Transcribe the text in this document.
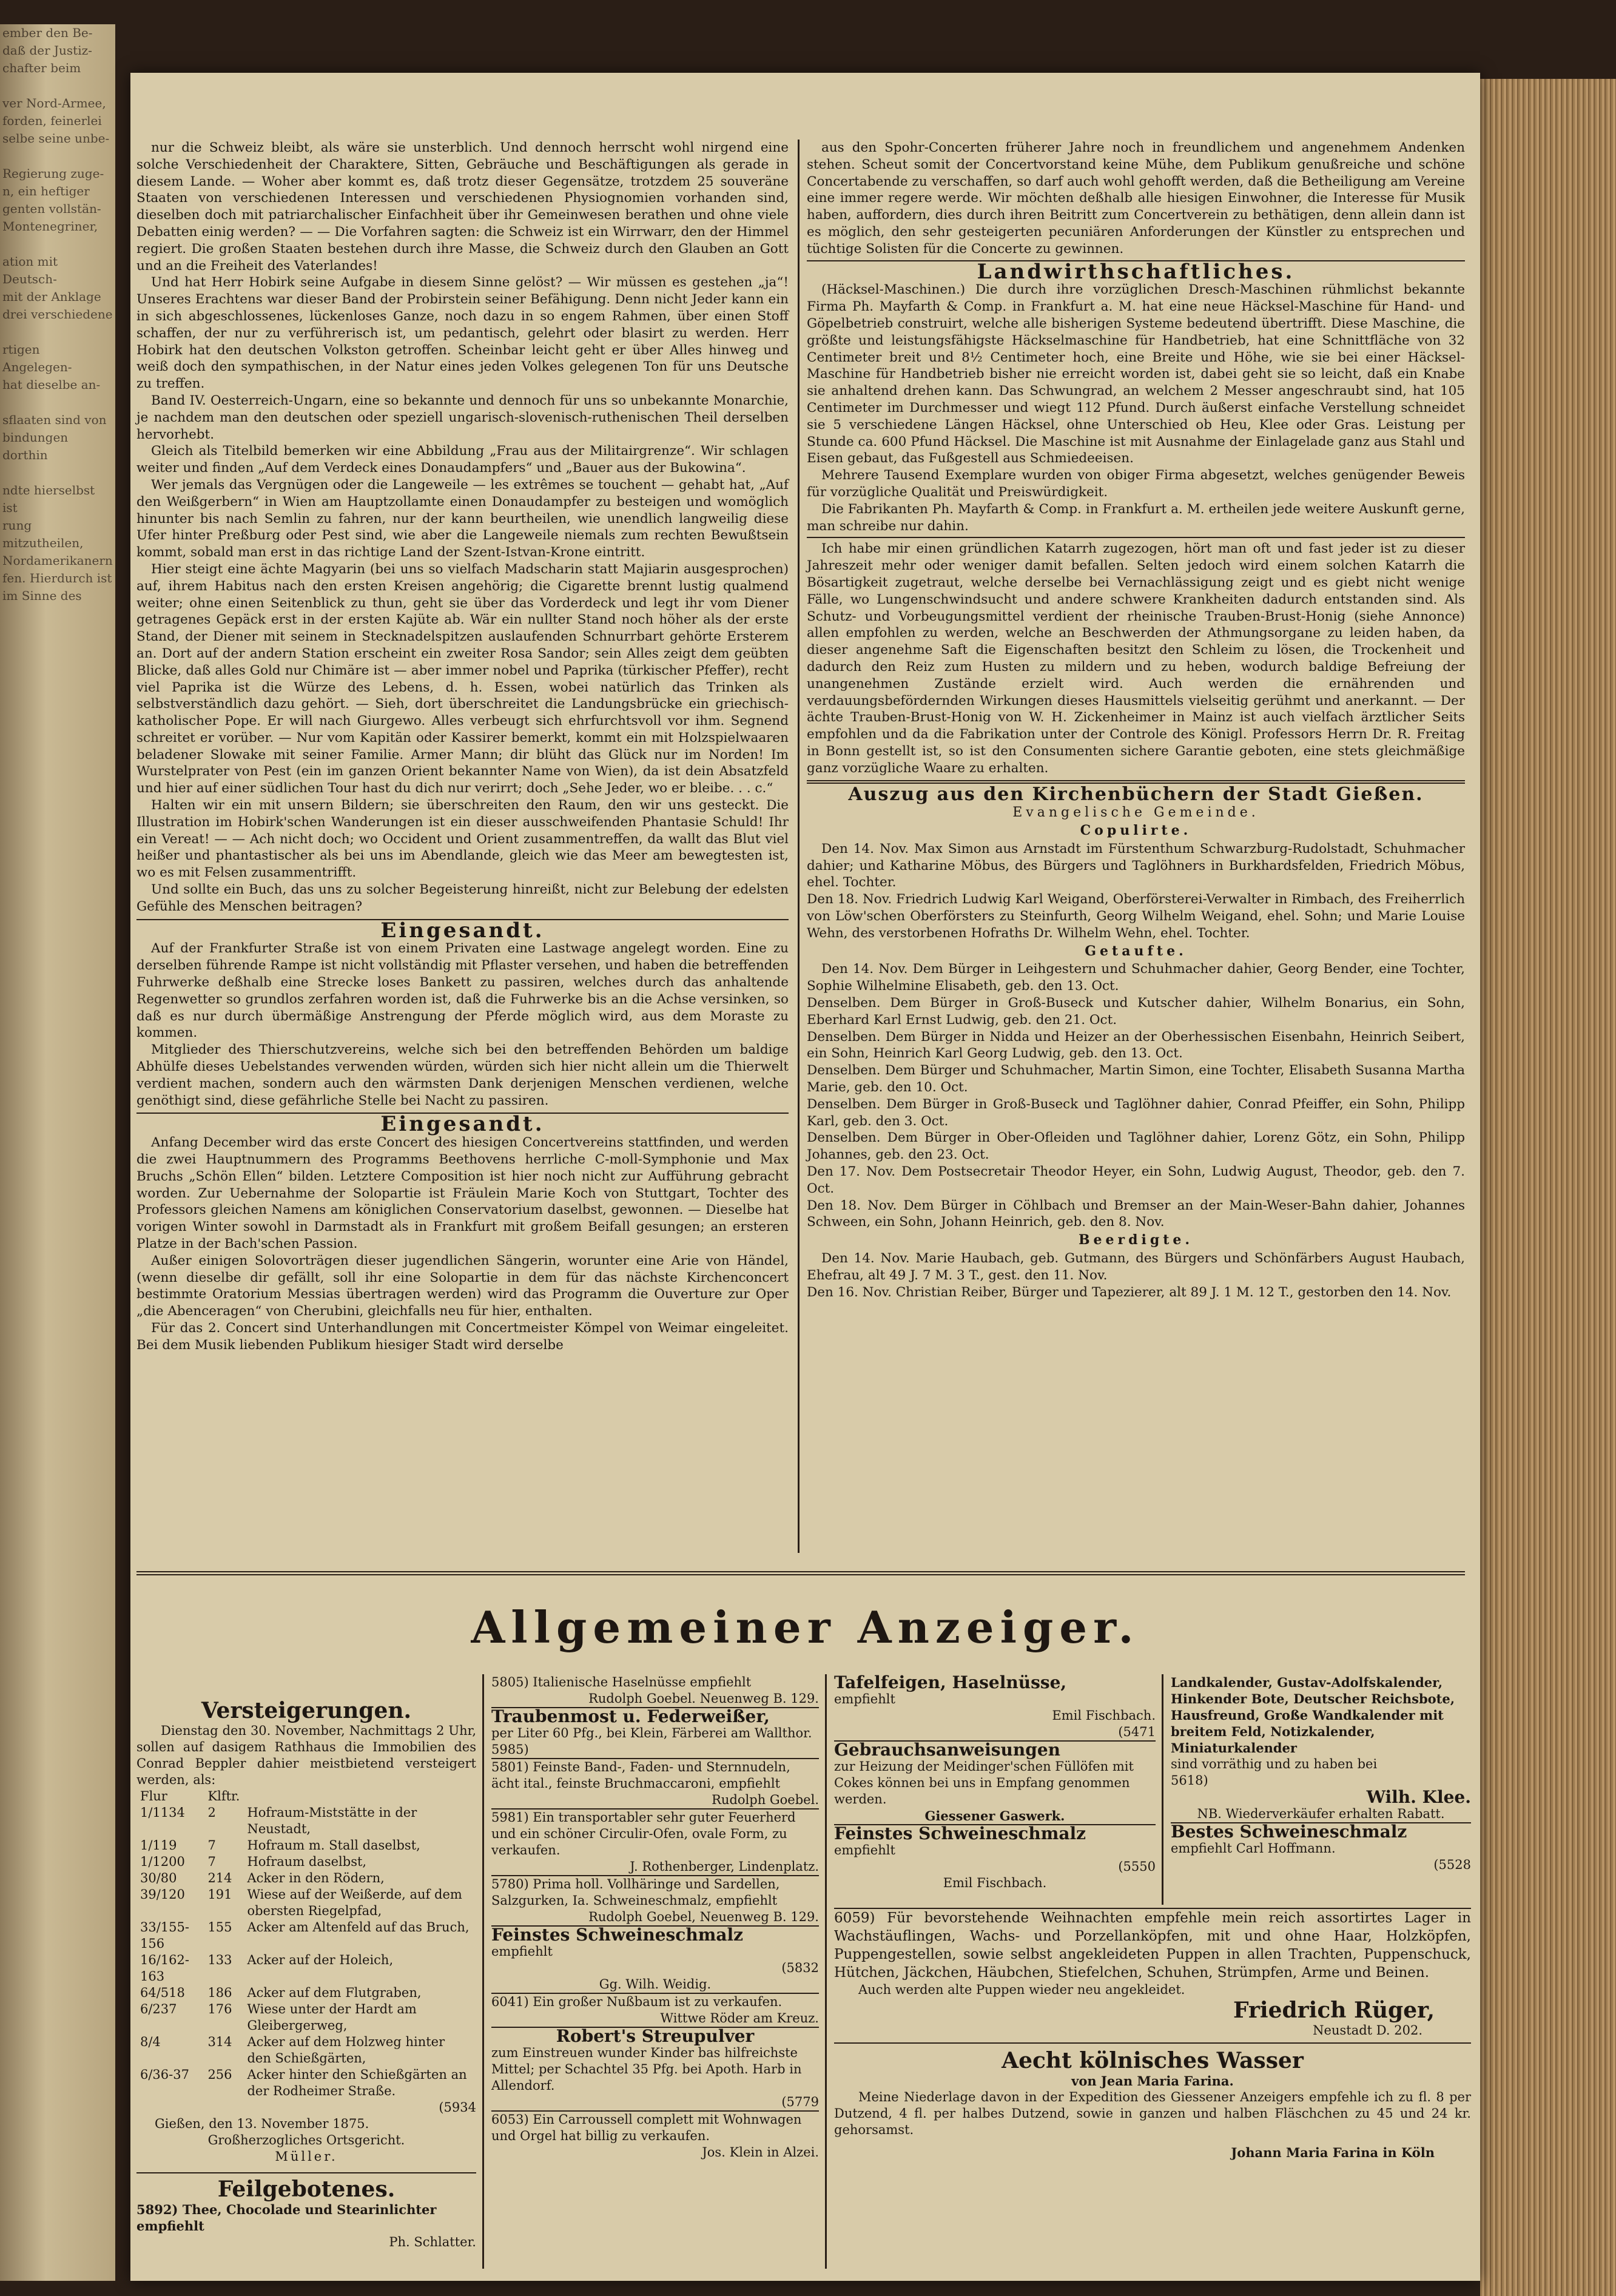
ember den Be-

daß der Justiz-

chafter beim

ver Nord-Armee,

forden, feinerlei

selbe seine unbe-

Regierung zuge-

n, ein heftiger

genten vollstän-

Montenegriner,

ation mit Deutsch-

mit der Anklage

drei verschiedene

rtigen Angelegen-

hat dieselbe an-

sflaaten sind von

bindungen dorthin

ndte hierselbst ist

rung mitzutheilen,

Nordamerikanern

fen. Hierdurch ist

im Sinne des

nur die Schweiz bleibt, als wäre sie unsterblich. Und dennoch herrscht wohl nirgend eine solche Verschiedenheit der Charaktere, Sitten, Gebräuche und Beschäftigungen als gerade in diesem Lande. — Woher aber kommt es, daß trotz dieser Gegensätze, trotzdem 25 souveräne Staaten von verschiedenen Interessen und verschiedenen Physiognomien vorhanden sind, dieselben doch mit patriarchalischer Einfachheit über ihr Gemeinwesen berathen und ohne viele Debatten einig werden? — — Die Vorfahren sagten: die Schweiz ist ein Wirrwarr, den der Himmel regiert. Die großen Staaten bestehen durch ihre Masse, die Schweiz durch den Glauben an Gott und an die Freiheit des Vaterlandes!

Und hat Herr Hobirk seine Aufgabe in diesem Sinne gelöst? — Wir müssen es gestehen „ja“! Unseres Erachtens war dieser Band der Probirstein seiner Befähigung. Denn nicht Jeder kann ein in sich abgeschlossenes, lückenloses Ganze, noch dazu in so engem Rahmen, über einen Stoff schaffen, der nur zu verführerisch ist, um pedantisch, gelehrt oder blasirt zu werden. Herr Hobirk hat den deutschen Volkston getroffen. Scheinbar leicht geht er über Alles hinweg und weiß doch den sympathischen, in der Natur eines jeden Volkes gelegenen Ton für uns Deutsche zu treffen.

Band IV. Oesterreich-Ungarn, eine so bekannte und dennoch für uns so unbekannte Monarchie, je nachdem man den deutschen oder speziell ungarisch-slovenisch-ruthenischen Theil derselben hervorhebt.

Gleich als Titelbild bemerken wir eine Abbildung „Frau aus der Militairgrenze“. Wir schlagen weiter und finden „Auf dem Verdeck eines Donaudampfers“ und „Bauer aus der Bukowina“.

Wer jemals das Vergnügen oder die Langeweile — les extrêmes se touchent — gehabt hat, „Auf den Weißgerbern“ in Wien am Hauptzollamte einen Donaudampfer zu besteigen und womöglich hinunter bis nach Semlin zu fahren, nur der kann beurtheilen, wie unendlich langweilig diese Ufer hinter Preßburg oder Pest sind, wie aber die Langeweile niemals zum rechten Bewußtsein kommt, sobald man erst in das richtige Land der Szent-Istvan-Krone eintritt.

Hier steigt eine ächte Magyarin (bei uns so vielfach Madscharin statt Majiarin ausgesprochen) auf, ihrem Habitus nach den ersten Kreisen angehörig; die Cigarette brennt lustig qualmend weiter; ohne einen Seitenblick zu thun, geht sie über das Vorderdeck und legt ihr vom Diener getragenes Gepäck erst in der ersten Kajüte ab. Wär ein nullter Stand noch höher als der erste Stand, der Diener mit seinem in Stecknadelspitzen auslaufenden Schnurrbart gehörte Ersterem an. Dort auf der andern Station erscheint ein zweiter Rosa Sandor; sein Alles zeigt dem geübten Blicke, daß alles Gold nur Chimäre ist — aber immer nobel und Paprika (türkischer Pfeffer), recht viel Paprika ist die Würze des Lebens, d. h. Essen, wobei natürlich das Trinken als selbstverständlich dazu gehört. — Sieh, dort überschreitet die Landungsbrücke ein griechisch-katholischer Pope. Er will nach Giurgewo. Alles verbeugt sich ehrfurchtsvoll vor ihm. Segnend schreitet er vorüber. — Nur vom Kapitän oder Kassirer bemerkt, kommt ein mit Holzspielwaaren beladener Slowake mit seiner Familie. Armer Mann; dir blüht das Glück nur im Norden! Im Wurstelprater von Pest (ein im ganzen Orient bekannter Name von Wien), da ist dein Absatzfeld und hier auf einer südlichen Tour hast du dich nur verirrt; doch „Sehe Jeder, wo er bleibe. . . c.“

Halten wir ein mit unsern Bildern; sie überschreiten den Raum, den wir uns gesteckt. Die Illustration im Hobirk'schen Wanderungen ist ein dieser ausschweifenden Phantasie Schuld! Ihr ein Vereat! — — Ach nicht doch; wo Occident und Orient zusammentreffen, da wallt das Blut viel heißer und phantastischer als bei uns im Abendlande, gleich wie das Meer am bewegtesten ist, wo es mit Felsen zusammentrifft.

Und sollte ein Buch, das uns zu solcher Begeisterung hinreißt, nicht zur Belebung der edelsten Gefühle des Menschen beitragen?

Eingesandt.

Auf der Frankfurter Straße ist von einem Privaten eine Lastwage angelegt worden. Eine zu derselben führende Rampe ist nicht vollständig mit Pflaster versehen, und haben die betreffenden Fuhrwerke deßhalb eine Strecke loses Bankett zu passiren, welches durch das anhaltende Regenwetter so grundlos zerfahren worden ist, daß die Fuhrwerke bis an die Achse versinken, so daß es nur durch übermäßige Anstrengung der Pferde möglich wird, aus dem Moraste zu kommen.

Mitglieder des Thierschutzvereins, welche sich bei den betreffenden Behörden um baldige Abhülfe dieses Uebelstandes verwenden würden, würden sich hier nicht allein um die Thierwelt verdient machen, sondern auch den wärmsten Dank derjenigen Menschen verdienen, welche genöthigt sind, diese gefährliche Stelle bei Nacht zu passiren.

Eingesandt.

Anfang December wird das erste Concert des hiesigen Concertvereins stattfinden, und werden die zwei Hauptnummern des Programms Beethovens herrliche C-moll-Symphonie und Max Bruchs „Schön Ellen“ bilden. Letztere Composition ist hier noch nicht zur Aufführung gebracht worden. Zur Uebernahme der Solopartie ist Fräulein Marie Koch von Stuttgart, Tochter des Professors gleichen Namens am königlichen Conservatorium daselbst, gewonnen. — Dieselbe hat vorigen Winter sowohl in Darmstadt als in Frankfurt mit großem Beifall gesungen; an ersteren Platze in der Bach'schen Passion.

Außer einigen Solovorträgen dieser jugendlichen Sängerin, worunter eine Arie von Händel, (wenn dieselbe dir gefällt, soll ihr eine Solopartie in dem für das nächste Kirchenconcert bestimmte Oratorium Messias übertragen werden) wird das Programm die Ouverture zur Oper „die Abenceragen“ von Cherubini, gleichfalls neu für hier, enthalten.

Für das 2. Concert sind Unterhandlungen mit Concertmeister Kömpel von Weimar eingeleitet. Bei dem Musik liebenden Publikum hiesiger Stadt wird derselbe

aus den Spohr-Concerten früherer Jahre noch in freundlichem und angenehmem Andenken stehen. Scheut somit der Concertvorstand keine Mühe, dem Publikum genußreiche und schöne Concertabende zu verschaffen, so darf auch wohl gehofft werden, daß die Betheiligung am Vereine eine immer regere werde. Wir möchten deßhalb alle hiesigen Einwohner, die Interesse für Musik haben, auffordern, dies durch ihren Beitritt zum Concertverein zu bethätigen, denn allein dann ist es möglich, den sehr gesteigerten pecuniären Anforderungen der Künstler zu entsprechen und tüchtige Solisten für die Concerte zu gewinnen.

Landwirthschaftliches.

(Häcksel-Maschinen.) Die durch ihre vorzüglichen Dresch-Maschinen rühmlichst bekannte Firma Ph. Mayfarth & Comp. in Frankfurt a. M. hat eine neue Häcksel-Maschine für Hand- und Göpelbetrieb construirt, welche alle bisherigen Systeme bedeutend übertrifft. Diese Maschine, die größte und leistungsfähigste Häckselmaschine für Handbetrieb, hat eine Schnittfläche von 32 Centimeter breit und 8½ Centimeter hoch, eine Breite und Höhe, wie sie bei einer Häcksel-Maschine für Handbetrieb bisher nie erreicht worden ist, dabei geht sie so leicht, daß ein Knabe sie anhaltend drehen kann. Das Schwungrad, an welchem 2 Messer angeschraubt sind, hat 105 Centimeter im Durchmesser und wiegt 112 Pfund. Durch äußerst einfache Verstellung schneidet sie 5 verschiedene Längen Häcksel, ohne Unterschied ob Heu, Klee oder Gras. Leistung per Stunde ca. 600 Pfund Häcksel. Die Maschine ist mit Ausnahme der Einlagelade ganz aus Stahl und Eisen gebaut, das Fußgestell aus Schmiedeeisen.

Mehrere Tausend Exemplare wurden von obiger Firma abgesetzt, welches genügender Beweis für vorzügliche Qualität und Preiswürdigkeit.

Die Fabrikanten Ph. Mayfarth & Comp. in Frankfurt a. M. ertheilen jede weitere Auskunft gerne, man schreibe nur dahin.

Ich habe mir einen gründlichen Katarrh zugezogen, hört man oft und fast jeder ist zu dieser Jahreszeit mehr oder weniger damit befallen. Selten jedoch wird einem solchen Katarrh die Bösartigkeit zugetraut, welche derselbe bei Vernachlässigung zeigt und es giebt nicht wenige Fälle, wo Lungenschwindsucht und andere schwere Krankheiten dadurch entstanden sind. Als Schutz- und Vorbeugungsmittel verdient der rheinische Trauben-Brust-Honig (siehe Annonce) allen empfohlen zu werden, welche an Beschwerden der Athmungsorgane zu leiden haben, da dieser angenehme Saft die Eigenschaften besitzt den Schleim zu lösen, die Trockenheit und dadurch den Reiz zum Husten zu mildern und zu heben, wodurch baldige Befreiung der unangenehmen Zustände erzielt wird. Auch werden die ernährenden und verdauungsbefördernden Wirkungen dieses Hausmittels vielseitig gerühmt und anerkannt. — Der ächte Trauben-Brust-Honig von W. H. Zickenheimer in Mainz ist auch vielfach ärztlicher Seits empfohlen und da die Fabrikation unter der Controle des Königl. Professors Herrn Dr. R. Freitag in Bonn gestellt ist, so ist den Consumenten sichere Garantie geboten, eine stets gleichmäßige ganz vorzügliche Waare zu erhalten.

Auszug aus den Kirchenbüchern der Stadt Gießen.
Evangelische Gemeinde.
Copulirte.

Den 14. Nov. Max Simon aus Arnstadt im Fürstenthum Schwarzburg-Rudolstadt, Schuhmacher dahier; und Katharine Möbus, des Bürgers und Taglöhners in Burkhardsfelden, Friedrich Möbus, ehel. Tochter.
Den 18. Nov. Friedrich Ludwig Karl Weigand, Oberförsterei-Verwalter in Rimbach, des Freiherrlich von Löw'schen Oberförsters zu Steinfurth, Georg Wilhelm Weigand, ehel. Sohn; und Marie Louise Wehn, des verstorbenen Hofraths Dr. Wilhelm Wehn, ehel. Tochter.

Getaufte.

Den 14. Nov. Dem Bürger in Leihgestern und Schuhmacher dahier, Georg Bender, eine Tochter, Sophie Wilhelmine Elisabeth, geb. den 13. Oct.
Denselben. Dem Bürger in Groß-Buseck und Kutscher dahier, Wilhelm Bonarius, ein Sohn, Eberhard Karl Ernst Ludwig, geb. den 21. Oct.
Denselben. Dem Bürger in Nidda und Heizer an der Oberhessischen Eisenbahn, Heinrich Seibert, ein Sohn, Heinrich Karl Georg Ludwig, geb. den 13. Oct.
Denselben. Dem Bürger und Schuhmacher, Martin Simon, eine Tochter, Elisabeth Susanna Martha Marie, geb. den 10. Oct.
Denselben. Dem Bürger in Groß-Buseck und Taglöhner dahier, Conrad Pfeiffer, ein Sohn, Philipp Karl, geb. den 3. Oct.
Denselben. Dem Bürger in Ober-Ofleiden und Taglöhner dahier, Lorenz Götz, ein Sohn, Philipp Johannes, geb. den 23. Oct.
Den 17. Nov. Dem Postsecretair Theodor Heyer, ein Sohn, Ludwig August, Theodor, geb. den 7. Oct.
Den 18. Nov. Dem Bürger in Cöhlbach und Bremser an der Main-Weser-Bahn dahier, Johannes Schween, ein Sohn, Johann Heinrich, geb. den 8. Nov.

Beerdigte.

Den 14. Nov. Marie Haubach, geb. Gutmann, des Bürgers und Schönfärbers August Haubach, Ehefrau, alt 49 J. 7 M. 3 T., gest. den 11. Nov.
Den 16. Nov. Christian Reiber, Bürger und Tapezierer, alt 89 J. 1 M. 12 T., gestorben den 14. Nov.

Allgemeiner Anzeiger.
Versteigerungen.
Dienstag den 30. November, Nachmittags 2 Uhr, sollen auf dasigem Rathhaus die Immobilien des Conrad Beppler dahier meistbietend versteigert werden, als:
Flur	Klftr.	
1/1134	2	Hofraum-Miststätte in der Neustadt,
1/119	7	Hofraum m. Stall daselbst,
1/1200	7	Hofraum daselbst,
30/80	214	Acker in den Rödern,
39/120	191	Wiese auf der Weißerde, auf dem obersten Riegelpfad,
33/155-156	155	Acker am Altenfeld auf das Bruch,
16/162-163	133	Acker auf der Holeich,
64/518	186	Acker auf dem Flutgraben,
6/237	176	Wiese unter der Hardt am Gleibergerweg,
8/4	314	Acker auf dem Holzweg hinter den Schießgärten,
6/36-37	256	Acker hinter den Schießgärten an der Rodheimer Straße.
(5934
Gießen, den 13. November 1875.
Großherzogliches Ortsgericht.
Müller.
Feilgebotenes.
5892) Thee, Chocolade und Stearinlichter empfiehlt
Ph. Schlatter.
5805) Italienische Haselnüsse empfiehlt
Rudolph Goebel. Neuenweg B. 129.
Traubenmost u. Federweißer,
per Liter 60 Pfg., bei Klein, Färberei am Wallthor.
5985)
5801) Feinste Band-, Faden- und Sternnudeln, ächt ital., feinste Bruchmaccaroni, empfiehlt
Rudolph Goebel.
5981) Ein transportabler sehr guter Feuerherd und ein schöner Circulir-Ofen, ovale Form, zu verkaufen.
J. Rothenberger, Lindenplatz.
5780) Prima holl. Vollhäringe und Sardellen, Salzgurken, Ia. Schweineschmalz, empfiehlt
Rudolph Goebel, Neuenweg B. 129.
Feinstes Schweineschmalz
empfiehlt
(5832
Gg. Wilh. Weidig.
6041) Ein großer Nußbaum ist zu verkaufen.
Wittwe Röder am Kreuz.
Robert's Streupulver
zum Einstreuen wunder Kinder bas hilfreichste Mittel; per Schachtel 35 Pfg. bei Apoth. Harb in Allendorf.
(5779
6053) Ein Carroussell complett mit Wohnwagen und Orgel hat billig zu verkaufen.
Jos. Klein in Alzei.
Tafelfeigen, Haselnüsse,
empfiehlt
Emil Fischbach.
(5471
Gebrauchsanweisungen
zur Heizung der Meidinger'schen Füllöfen mit Cokes können bei uns in Empfang genommen werden.
Giessener Gaswerk.
Feinstes Schweineschmalz
empfiehlt
(5550
Emil Fischbach.
Landkalender, Gustav-Adolfskalender, Hinkender Bote, Deutscher Reichsbote, Hausfreund, Große Wandkalender mit breitem Feld, Notizkalender, Miniaturkalender
sind vorräthig und zu haben bei
5618)
Wilh. Klee.
NB. Wiederverkäufer erhalten Rabatt.
Bestes Schweineschmalz
empfiehlt Carl Hoffmann.
(5528
6059) Für bevorstehende Weihnachten empfehle mein reich assortirtes Lager in Wachstäuflingen, Wachs- und Porzellanköpfen, mit und ohne Haar, Holzköpfen, Puppengestellen, sowie selbst angekleideten Puppen in allen Trachten, Puppenschuck, Hütchen, Jäckchen, Häubchen, Stiefelchen, Schuhen, Strümpfen, Arme und Beinen.
Auch werden alte Puppen wieder neu angekleidet.
Friedrich Rüger,
Neustadt D. 202.
Aecht kölnisches Wasser
von Jean Maria Farina.
Meine Niederlage davon in der Expedition des Giessener Anzeigers empfehle ich zu fl. 8 per Dutzend, 4 fl. per halbes Dutzend, sowie in ganzen und halben Fläschchen zu 45 und 24 kr. gehorsamst.
Johann Maria Farina in Köln
